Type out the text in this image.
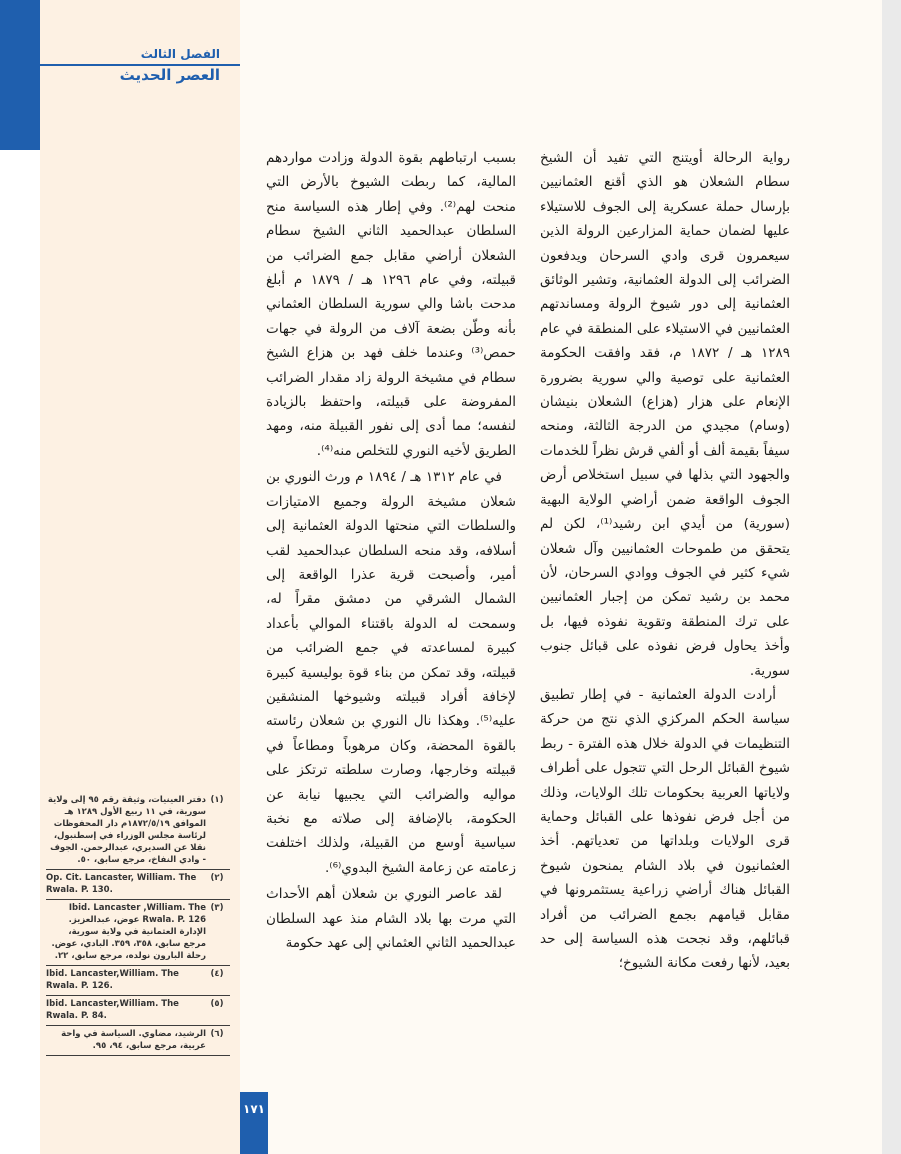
الفصل الثالث
العصر الحديث

رواية الرحالة أويتنج التي تفيد أن الشيخ سطام الشعلان هو الذي أقنع العثمانيين بإرسال حملة عسكرية إلى الجوف للاستيلاء عليها لضمان حماية المزارعين الرولة الذين سيعمرون قرى وادي السرحان ويدفعون الضرائب إلى الدولة العثمانية، وتشير الوثائق العثمانية إلى دور شيوخ الرولة ومساندتهم العثمانيين في الاستيلاء على المنطقة في عام ١٢٨٩ هـ / ١٨٧٢ م، فقد وافقت الحكومة العثمانية على توصية والي سورية بضرورة الإنعام على هزار (هزاع) الشعلان بنيشان (وسام) مجيدي من الدرجة الثالثة، ومنحه سيفاً بقيمة ألف أو ألفي قرش نظراً للخدمات والجهود التي بذلها في سبيل استخلاص أرض الجوف الواقعة ضمن أراضي الولاية البهية (سورية) من أيدي ابن رشيد⁽¹⁾، لكن لم يتحقق من طموحات العثمانيين وآل شعلان شيء كثير في الجوف ووادي السرحان، لأن محمد بن رشيد تمكن من إجبار العثمانيين على ترك المنطقة وتقوية نفوذه فيها، بل وأخذ يحاول فرض نفوذه على قبائل جنوب سورية.

أرادت الدولة العثمانية - في إطار تطبيق سياسة الحكم المركزي الذي نتج من حركة التنظيمات في الدولة خلال هذه الفترة - ربط شيوخ القبائل الرحل التي تتجول على أطراف ولاياتها العربية بحكومات تلك الولايات، وذلك من أجل فرض نفوذها على القبائل وحماية قرى الولايات وبلداتها من تعدياتهم. أخذ العثمانيون في بلاد الشام يمنحون شيوخ القبائل هناك أراضي زراعية يستثمرونها في مقابل قيامهم بجمع الضرائب من أفراد قبائلهم، وقد نجحت هذه السياسة إلى حد بعيد، لأنها رفعت مكانة الشيوخ؛

بسبب ارتباطهم بقوة الدولة وزادت مواردهم المالية، كما ربطت الشيوخ بالأرض التي منحت لهم⁽²⁾. وفي إطار هذه السياسة منح السلطان عبدالحميد الثاني الشيخ سطام الشعلان أراضي مقابل جمع الضرائب من قبيلته، وفي عام ١٢٩٦ هـ / ١٨٧٩ م أبلغ مدحت باشا والي سورية السلطان العثماني بأنه وطّن بضعة آلاف من الرولة في جهات حمص⁽³⁾ وعندما خلف فهد بن هزاع الشيخ سطام في مشيخة الرولة زاد مقدار الضرائب المفروضة على قبيلته، واحتفظ بالزيادة لنفسه؛ مما أدى إلى نفور القبيلة منه، ومهد الطريق لأخيه النوري للتخلص منه⁽⁴⁾.

في عام ١٣١٢ هـ / ١٨٩٤ م ورث النوري بن شعلان مشيخة الرولة وجميع الامتيازات والسلطات التي منحتها الدولة العثمانية إلى أسلافه، وقد منحه السلطان عبدالحميد لقب أمير، وأصبحت قرية عذرا الواقعة إلى الشمال الشرقي من دمشق مقراً له، وسمحت له الدولة باقتناء الموالي بأعداد كبيرة لمساعدته في جمع الضرائب من قبيلته، وقد تمكن من بناء قوة بوليسية كبيرة لإخافة أفراد قبيلته وشيوخها المنشقين عليه⁽⁵⁾. وهكذا نال النوري بن شعلان رئاسته بالقوة المحضة، وكان مرهوباً ومطاعاً في قبيلته وخارجها، وصارت سلطته ترتكز على مواليه والضرائب التي يجبيها نيابة عن الحكومة، بالإضافة إلى صلاته مع نخبة سياسية أوسع من القبيلة، ولذلك اختلفت زعامته عن زعامة الشيخ البدوي⁽⁶⁾.

لقد عاصر النوري بن شعلان أهم الأحداث التي مرت بها بلاد الشام منذ عهد السلطان عبدالحميد الثاني العثماني إلى عهد حكومة

(١)
دفتر العينيات، وثيقة رقم ٩٥ إلى ولاية سورية، في ١١ ربيع الأول ١٢٨٩ هـ الموافق ١٨٧٢/٥/١٩م دار المحفوظات لرئاسة مجلس الوزراء في إسطنبول، نقلا عن السديري، عبدالرحمن. الجوف - وادي النفاخ، مرجع سابق، ٥٠.
(٢)
Op. Cit. Lancaster, William. The Rwala. P. 130.
(٣)
Ibid. Lancaster ,William. The Rwala. P. 126 عوض، عبدالعزيز. الإدارة العثمانية في ولاية سورية، مرجع سابق، ٣٥٨، ٣٥٩. البادي، عوض. رحلة البارون نولده، مرجع سابق، ٢٢.
(٤)
Ibid. Lancaster,William. The Rwala. P. 126.
(٥)
Ibid. Lancaster,William. The Rwala. P. 84.
(٦)
الرشيد، مضاوي. السياسة في واحة عربية، مرجع سابق، ٩٤، ٩٥.
١٧١
